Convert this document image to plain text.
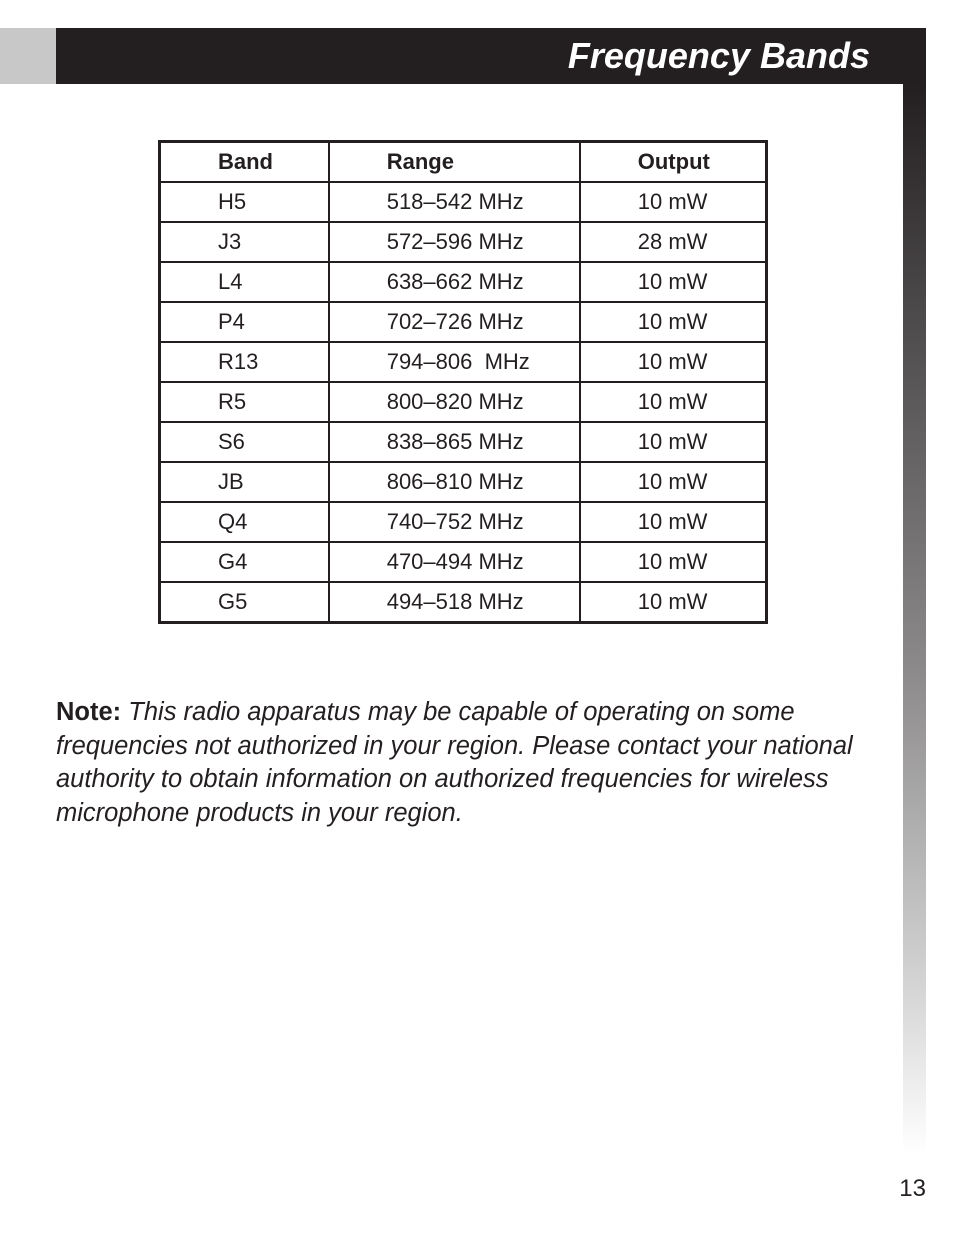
Frequency Bands
Band	Range	Output
H5	518–542 MHz	10 mW
J3	572–596 MHz	28 mW
L4	638–662 MHz	10 mW
P4	702–726 MHz	10 mW
R13	794–806  MHz	10 mW
R5	800–820 MHz	10 mW
S6	838–865 MHz	10 mW
JB	806–810 MHz	10 mW
Q4	740–752 MHz	10 mW
G4	470–494 MHz	10 mW
G5	494–518 MHz	10 mW

Note: This radio apparatus may be capable of operating on some frequencies not authorized in your region. Please contact your national authority to obtain information on authorized frequencies for wireless microphone products in your region.

13
